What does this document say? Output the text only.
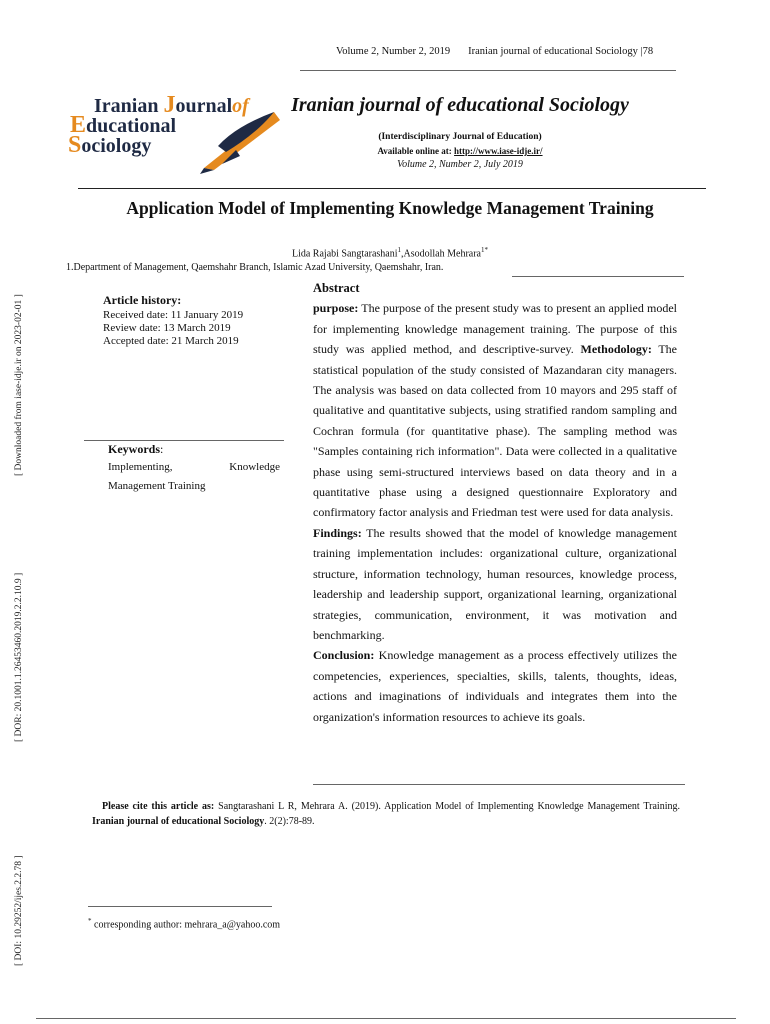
[ Downloaded from iase-idje.ir on 2023-02-01 ]
[ DOR: 20.1001.1.26453460.2019.2.2.10.9 ]
[ DOI: 10.29252/ijes.2.2.78 ]
Volume 2, Number 2, 2019 Iranian journal of educational Sociology |78
Iranian Journalof
Educational
Sociology
Iranian journal of educational Sociology
(Interdisciplinary Journal of Education)
Available online at: http://www.iase-idje.ir/
Volume 2, Number 2, July 2019
Application Model of Implementing Knowledge Management Training
Lida Rajabi Sangtarashani$^1$,Asodollah Mehrara$^{1*}$
1.Department of Management, Qaemshahr Branch, Islamic Azad University, Qaemshahr, Iran.
Article history:
Received date: 11 January 2019
Review date: 13 March 2019
Accepted date: 21 March 2019
Keywords:
Implementing, Knowledge Management Training
Abstract

purpose: The purpose of the present study was to present an applied model for implementing knowledge management training. The purpose of this study was applied method, and descriptive-survey. Methodology: The statistical population of the study consisted of Mazandaran city managers. The analysis was based on data collected from 10 mayors and 295 staff of qualitative and quantitative subjects, using stratified random sampling and Cochran formula (for quantitative phase). The sampling method was "Samples containing rich information". Data were collected in a qualitative phase using semi-structured interviews based on data theory and in a quantitative phase using a designed questionnaire Exploratory and confirmatory factor analysis and Friedman test were used for data analysis.

Findings: The results showed that the model of knowledge management training implementation includes: organizational culture, organizational structure, information technology, human resources, knowledge process, leadership and leadership support, organizational learning, organizational strategies, communication, environment, it was motivation and benchmarking.

Conclusion: Knowledge management as a process effectively utilizes the competencies, experiences, specialties, skills, talents, thoughts, ideas, actions and imaginations of individuals and integrates them into the organization's information resources to achieve its goals.

Please cite this article as: Sangtarashani L R, Mehrara A. (2019). Application Model of Implementing Knowledge Management Training. Iranian journal of educational Sociology. 2(2):78-89.
* corresponding author: mehrara_a@yahoo.com
